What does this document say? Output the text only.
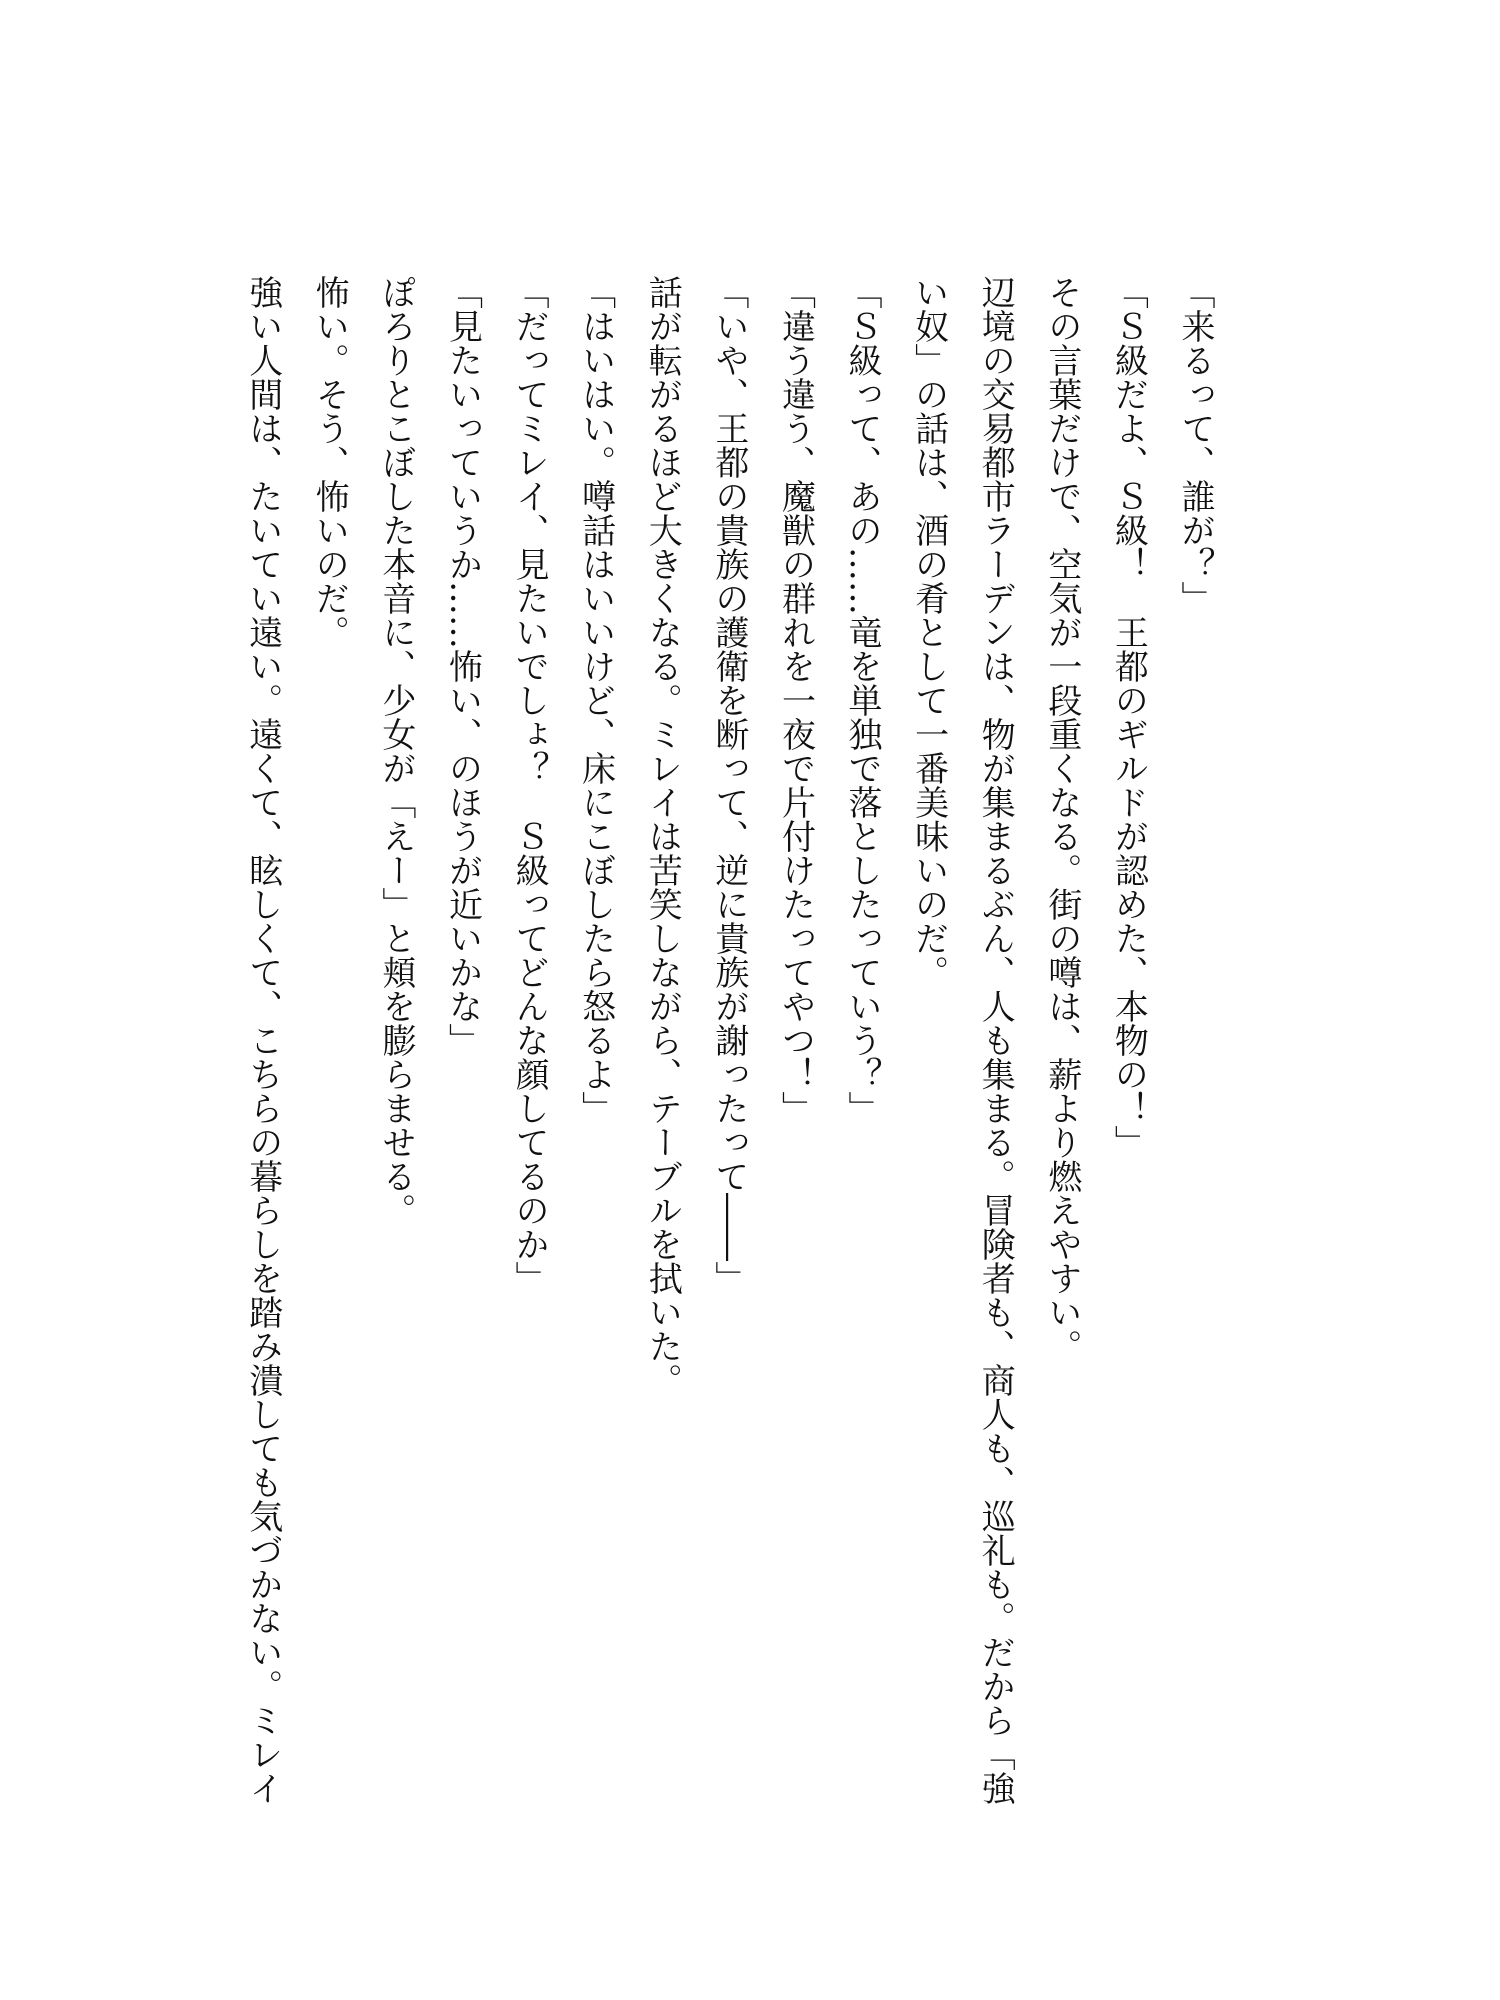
「来るって、誰が？」

「Ｓ級だよ、Ｓ級！　王都のギルドが認めた、本物の！」

その言葉だけで、空気が一段重くなる。街の噂は、薪より燃えやすい。

辺境の交易都市ラーデンは、物が集まるぶん、人も集まる。冒険者も、商人も、巡礼も。だから「強

い奴」の話は、酒の肴として一番美味いのだ。

「Ｓ級って、あの……竜を単独で落としたっていう？」

「違う違う、魔獣の群れを一夜で片付けたってやつ！」

「いや、王都の貴族の護衛を断って、逆に貴族が謝ったって――」

話が転がるほど大きくなる。ミレイは苦笑しながら、テーブルを拭いた。

「はいはい。噂話はいいけど、床にこぼしたら怒るよ」

「だってミレイ、見たいでしょ？　Ｓ級ってどんな顔してるのか」

「見たいっていうか……怖い、のほうが近いかな」

ぽろりとこぼした本音に、少女が「えー」と頬を膨らませる。

怖い。そう、怖いのだ。

強い人間は、たいてい遠い。遠くて、眩しくて、こちらの暮らしを踏み潰しても気づかない。ミレイ
